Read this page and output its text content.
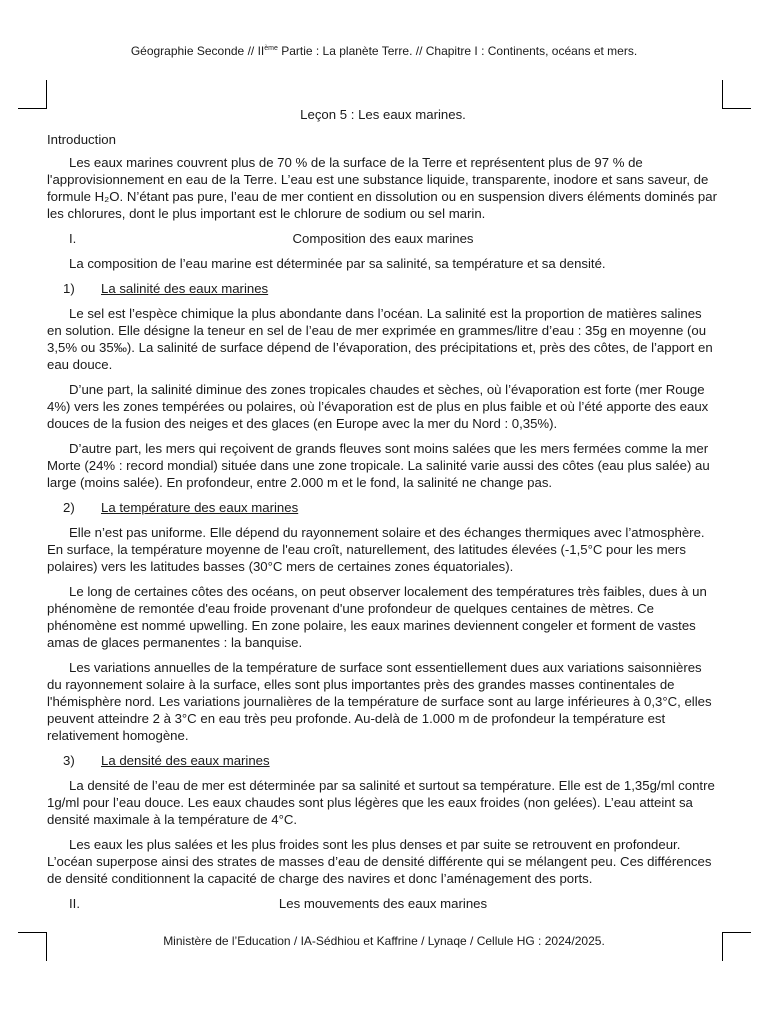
Géographie Seconde // IIème Partie : La planète Terre. // Chapitre I : Continents, océans et mers.
Leçon 5 : Les eaux marines.
Introduction

Les eaux marines couvrent plus de 70 % de la surface de la Terre et représentent plus de 97 % de l'approvisionnement en eau de la Terre. L’eau est une substance liquide, transparente, inodore et sans saveur, de formule H₂O. N’étant pas pure, l’eau de mer contient en dissolution ou en suspension divers éléments dominés par les chlorures, dont le plus important est le chlorure de sodium ou sel marin.

I.	Composition des eaux marines

La composition de l’eau marine est déterminée par sa salinité, sa température et sa densité.

1)	La salinité des eaux marines

Le sel est l’espèce chimique la plus abondante dans l’océan. La salinité est la proportion de matières salines en solution. Elle désigne la teneur en sel de l’eau de mer exprimée en grammes/litre d’eau : 35g en moyenne (ou 3,5% ou 35‰). La salinité de surface dépend de l’évaporation, des précipitations et, près des côtes, de l’apport en eau douce.

D’une part, la salinité diminue des zones tropicales chaudes et sèches, où l’évaporation est forte (mer Rouge 4%) vers les zones tempérées ou polaires, où l’évaporation est de plus en plus faible et où l’été apporte des eaux douces de la fusion des neiges et des glaces (en Europe avec la mer du Nord : 0,35%).

D’autre part, les mers qui reçoivent de grands fleuves sont moins salées que les mers fermées comme la mer Morte (24% : record mondial) située dans une zone tropicale. La salinité varie aussi des côtes (eau plus salée) au large (moins salée). En profondeur, entre 2.000 m et le fond, la salinité ne change pas.

2)	La température des eaux marines

Elle n’est pas uniforme. Elle dépend du rayonnement solaire et des échanges thermiques avec l’atmosphère. En surface, la température moyenne de l'eau croît, naturellement, des latitudes élevées (-1,5°C pour les mers polaires) vers les latitudes basses (30°C mers de certaines zones équatoriales).

Le long de certaines côtes des océans, on peut observer localement des températures très faibles, dues à un phénomène de remontée d'eau froide provenant d'une profondeur de quelques centaines de mètres. Ce phénomène est nommé upwelling. En zone polaire, les eaux marines deviennent congeler et forment de vastes amas de glaces permanentes : la banquise.

Les variations annuelles de la température de surface sont essentiellement dues aux variations saisonnières du rayonnement solaire à la surface, elles sont plus importantes près des grandes masses continentales de l'hémisphère nord. Les variations journalières de la température de surface sont au large inférieures à 0,3°C, elles peuvent atteindre 2 à 3°C en eau très peu profonde. Au-delà de 1.000 m de profondeur la température est relativement homogène.

3)	La densité des eaux marines

La densité de l’eau de mer est déterminée par sa salinité et surtout sa température. Elle est de 1,35g/ml contre 1g/ml pour l’eau douce. Les eaux chaudes sont plus légères que les eaux froides (non gelées). L’eau atteint sa densité maximale à la température de 4°C.

Les eaux les plus salées et les plus froides sont les plus denses et par suite se retrouvent en profondeur. L’océan superpose ainsi des strates de masses d’eau de densité différente qui se mélangent peu. Ces différences de densité conditionnent la capacité de charge des navires et donc l’aménagement des ports.

II.	Les mouvements des eaux marines
Ministère de l’Education / IA-Sédhiou et Kaffrine / Lynaqe / Cellule HG : 2024/2025.
